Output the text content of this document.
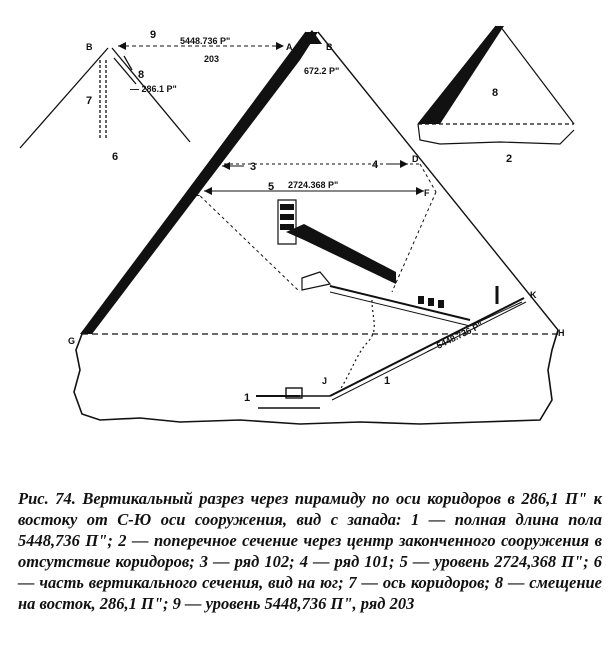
B	A	B
9	5448.736 P"
203
672.2 P"
8
— 286.1 P"
7
6	C
3	4	D
E	5 2724.368 P"
F
G
H
K
J
— 5448.736 P"
1
1
8
2
Рис. 74. Вертикальный разрез через пирамиду по оси коридоров в 286,1 П" к востоку от С-Ю оси сооружения, вид с запада: 1 — полная длина пола 5448,736 П"; 2 — поперечное сечение через центр законченного сооружения в отсутствие коридоров; 3 — ряд 102; 4 — ряд 101; 5 — уровень 2724,368 П"; 6 — часть вертикального сечения, вид на юг; 7 — ось коридоров; 8 — смещение на восток, 286,1 П"; 9 — уровень 5448,736 П", ряд 203
